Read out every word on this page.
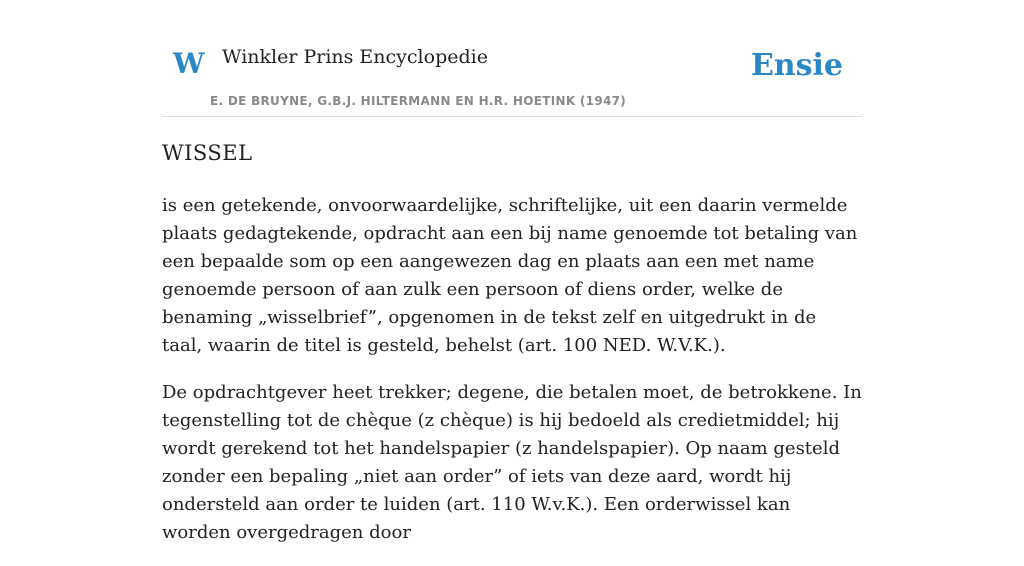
W Winkler Prins Encyclopedie
E. DE BRUYNE, G.B.J. HILTERMANN EN H.R. HOETINK (1947)
Ensie
WISSEL

is een getekende, onvoorwaardelijke, schriftelijke, uit een daarin vermelde plaats gedagtekende, opdracht aan een bij name genoemde tot betaling van een bepaalde som op een aangewezen dag en plaats aan een met name genoemde persoon of aan zulk een persoon of diens order, welke de benaming „wisselbrief”, opgenomen in de tekst zelf en uitgedrukt in de taal, waarin de titel is gesteld, behelst (art. 100 NED. W.V.K.).

De opdrachtgever heet trekker; degene, die betalen moet, de betrokkene. In tegenstelling tot de chèque (z chèque) is hij bedoeld als credietmiddel; hij wordt gerekend tot het handelspapier (z handelspapier). Op naam gesteld zonder een bepaling „niet aan order” of iets van deze aard, wordt hij ondersteld aan order te luiden (art. 110 W.v.K.). Een orderwissel kan worden overgedragen door
